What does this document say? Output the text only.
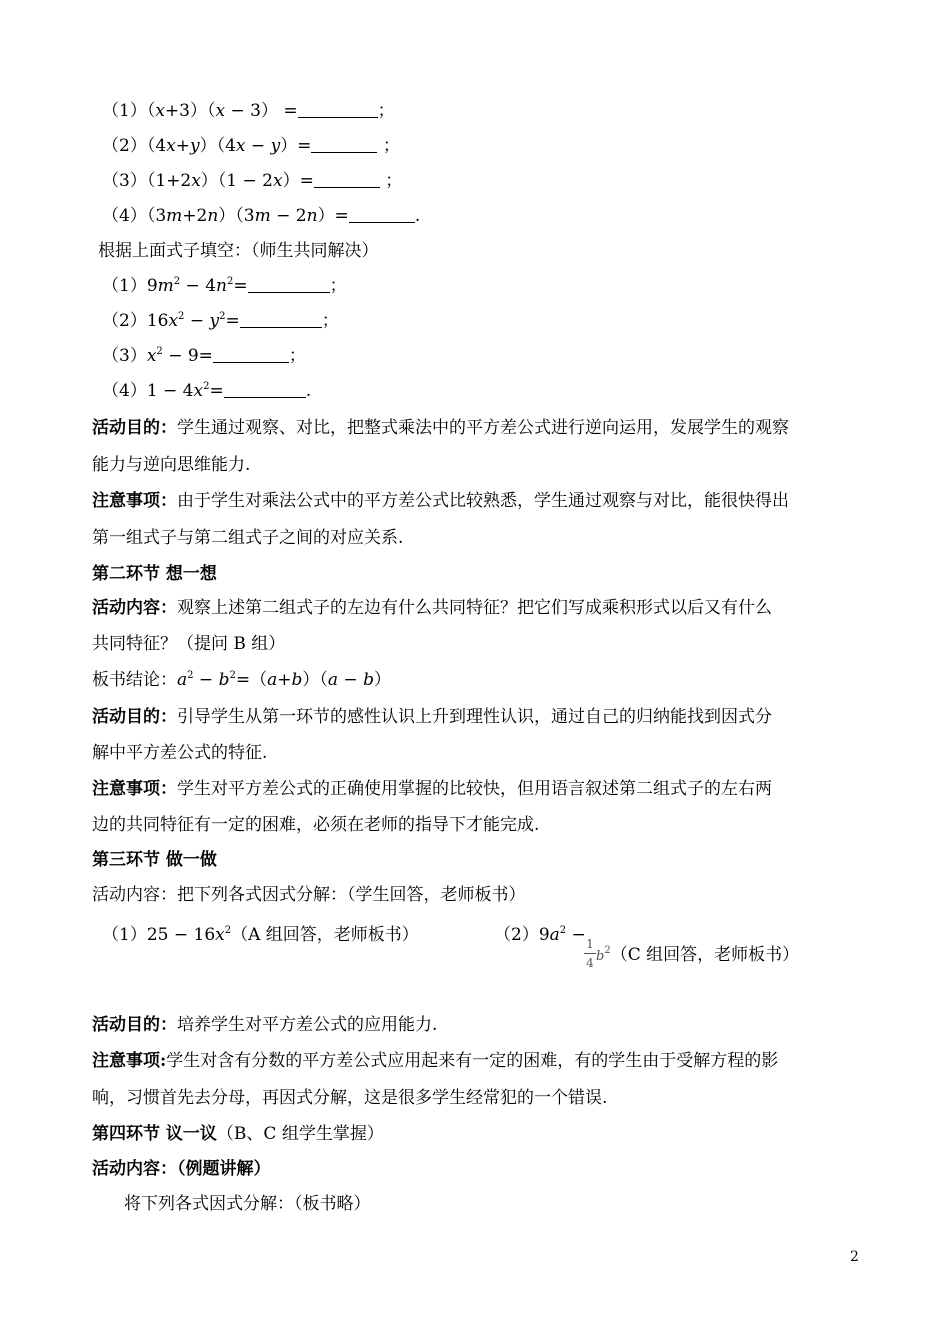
（1）（x+3）（x − 3） =	；
（2）（4x+y）（4x − y）=	；
（3）（1+2x）（1 − 2x）=	；
（4）（3m+2n）（3m − 2n）=	.
根据上面式子填空：（师生共同解决）
$(1)9m^2 - 4n^2=$	；
$(2)16x^2 - y^2=$	；
$(3)x^2 - 9=$	；
$(4)1 - 4x^2=$	.
活动目的：学生通过观察、对比，把整式乘法中的平方差公式进行逆向运用，发展学生的观察
能力与逆向思维能力.
注意事项：由于学生对乘法公式中的平方差公式比较熟悉，学生通过观察与对比，能很快得出
第一组式子与第二组式子之间的对应关系.
第二环节 想一想
活动内容：观察上述第二组式子的左边有什么共同特征？把它们写成乘积形式以后又有什么
共同特征？（提问 B 组）
板书结论：$a^2 - b^2=(a+b)(a - b)$
活动目的：引导学生从第一环节的感性认识上升到理性认识，通过自己的归纳能找到因式分
解中平方差公式的特征.
注意事项：学生对平方差公式的正确使用掌握的比较快，但用语言叙述第二组式子的左右两
边的共同特征有一定的困难，必须在老师的指导下才能完成.
第三环节 做一做
活动内容：把下列各式因式分解：（学生回答，老师板书）
$(1)25 - 16x^2(A$ 组回答，老师板书）	$(2)9a^2 - 1$
4 $b^2(C$ 组回答，老师板书）
活动目的：培养学生对平方差公式的应用能力.
注意事项:学生对含有分数的平方差公式应用起来有一定的困难，有的学生由于受解方程的影
响，习惯首先去分母，再因式分解，这是很多学生经常犯的一个错误.
第四环节 议一议（B、C 组学生掌握）
活动内容：（例题讲解）
将下列各式因式分解：（板书略）
2
